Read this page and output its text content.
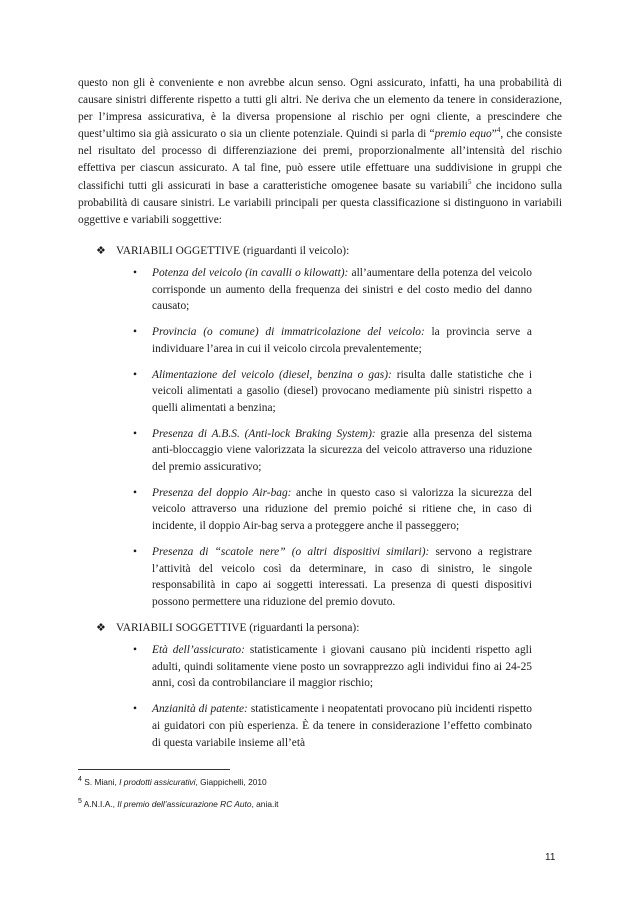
questo non gli è conveniente e non avrebbe alcun senso. Ogni assicurato, infatti, ha una probabilità di causare sinistri differente rispetto a tutti gli altri. Ne deriva che un elemento da tenere in considerazione, per l’impresa assicurativa, è la diversa propensione al rischio per ogni cliente, a prescindere che quest’ultimo sia già assicurato o sia un cliente potenziale. Quindi si parla di “premio equo”$^4$, che consiste nel risultato del processo di differenziazione dei premi, proporzionalmente all’intensità del rischio effettiva per ciascun assicurato. A tal fine, può essere utile effettuare una suddivisione in gruppi che classifichi tutti gli assicurati in base a caratteristiche omogenee basate su variabili$^5$ che incidono sulla probabilità di causare sinistri. Le variabili principali per questa classificazione si distinguono in variabili oggettive e variabili soggettive:

❖ VARIABILI OGGETTIVE (riguardanti il veicolo):

• Potenza del veicolo (in cavalli o kilowatt): all’aumentare della potenza del veicolo corrisponde un aumento della frequenza dei sinistri e del costo medio del danno causato;
• Provincia (o comune) di immatricolazione del veicolo: la provincia serve a individuare l’area in cui il veicolo circola prevalentemente;
• Alimentazione del veicolo (diesel, benzina o gas): risulta dalle statistiche che i veicoli alimentati a gasolio (diesel) provocano mediamente più sinistri rispetto a quelli alimentati a benzina;
• Presenza di A.B.S. (Anti-lock Braking System): grazie alla presenza del sistema anti-bloccaggio viene valorizzata la sicurezza del veicolo attraverso una riduzione del premio assicurativo;
• Presenza del doppio Air-bag: anche in questo caso si valorizza la sicurezza del veicolo attraverso una riduzione del premio poiché si ritiene che, in caso di incidente, il doppio Air-bag serva a proteggere anche il passeggero;
• Presenza di “scatole nere” (o altri dispositivi similari): servono a registrare l’attività del veicolo così da determinare, in caso di sinistro, le singole responsabilità in capo ai soggetti interessati. La presenza di questi dispositivi possono permettere una riduzione del premio dovuto.

❖ VARIABILI SOGGETTIVE (riguardanti la persona):

• Età dell’assicurato: statisticamente i giovani causano più incidenti rispetto agli adulti, quindi solitamente viene posto un sovrapprezzo agli individui fino ai 24-25 anni, così da controbilanciare il maggior rischio;
• Anzianità di patente: statisticamente i neopatentati provocano più incidenti rispetto ai guidatori con più esperienza. È da tenere in considerazione l’effetto combinato di questa variabile insieme all’età

$^4$ S. Miani, I prodotti assicurativi, Giappichelli, 2010

$^5$ A.N.I.A., Il premio dell’assicurazione RC Auto, ania.it

11
